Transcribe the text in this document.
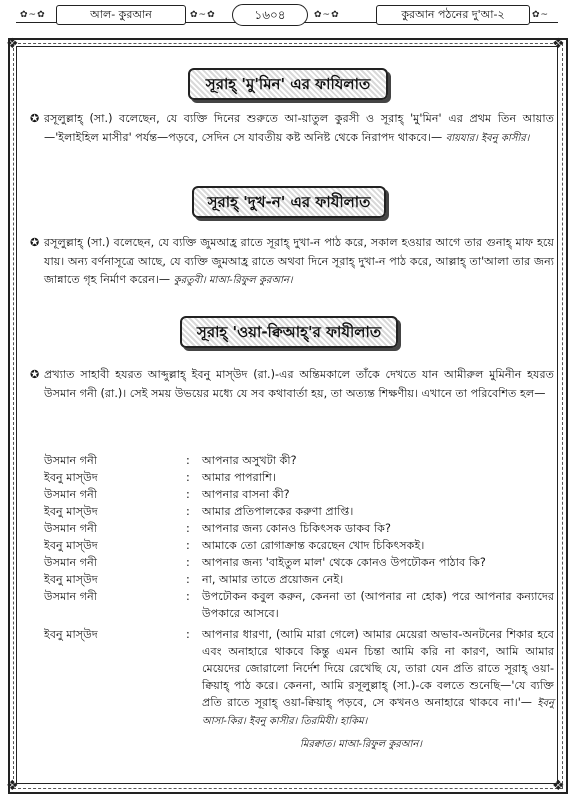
আল- কুরআন	১৬০৪	কুরআন পঠনের দু'আ-২
✿~✿	✿~✿	✿~✿	✿~
❖	❖
❖	❖
সূরাহ্ 'মু'মিন' এর ফাযিলাত
✪ রসূলুল্লাহ্ (সা.) বলেছেন, যে ব্যক্তি দিনের শুরুতে আ-য়াতুল কুরসী ও সূরাহ্ 'মু'মিন' এর প্রথম তিন আয়াত—'ইলাইহিল মাসীর' পর্যন্ত—পড়বে, সেদিন সে যাবতীয় কষ্ট অনিষ্ট থেকে নিরাপদ থাকবে।— বায়যার। ইবনু কাসীর।
সূরাহ্ 'দুখ-ন' এর ফাযীলাত
✪ রসূলুল্লাহ্ (সা.) বলেছেন, যে ব্যক্তি জুমআহ্র রাতে সূরাহ্ দুখা-ন পাঠ করে, সকাল হওয়ার আগে তার গুনাহ্ মাফ হয়ে যায়। অন্য বর্ণনাসূত্রে আছে, যে ব্যক্তি জুমআহ্র রাতে অথবা দিনে সূরাহ্ দুখা-ন পাঠ করে, আল্লাহ্ তা'আলা তার জন্য জান্নাতে গৃহ নির্মাণ করেন।— কুরতুবী। মাআ-রিফুল কুরআন।
সূরাহ্ 'ওয়া-ক্বিআহ্'র ফাযীলাত
✪ প্রখ্যাত সাহাবী হযরত আব্দুল্লাহ্ ইবনু মাস্উদ (রা.)-এর অন্তিমকালে তাঁকে দেখতে যান আমীরুল মুমিনীন হযরত উসমান গনী (রা.)। সেই সময় উভয়ের মধ্যে যে সব কথাবার্তা হয়, তা অত্যন্ত শিক্ষণীয়। এখানে তা পরিবেশিত হল—
উসমান গনী	: আপনার অসুখটা কী?
ইবনু মাস্উদ	: আমার পাপরাশি।
উসমান গনী	: আপনার বাসনা কী?
ইবনু মাস্উদ	: আমার প্রতিপালকের করুণা প্রাপ্তি।
উসমান গনী	: আপনার জন্য কোনও চিকিৎসক ডাকব কি?
ইবনু মাস্উদ	: আমাকে তো রোগাক্রান্ত করেছেন খোদ চিকিৎসকই।
উসমান গনী	: আপনার জন্য 'বাইতুল মাল' থেকে কোনও উপঢৌকন পাঠাব কি?
ইবনু মাস্উদ	: না, আমার তাতে প্রয়োজন নেই।
উসমান গনী	: উপঢৌকন কবুল করুন, কেননা তা (আপনার না হোক) পরে আপনার কন্যাদের উপকারে আসবে।
ইবনু মাস্উদ	: আপনার ধারণা, (আমি মারা গেলে) আমার মেয়েরা অভাব-অনটনের শিকার হবে এবং অনাহারে থাকবে কিন্তু এমন চিন্তা আমি করি না কারণ, আমি আমার মেয়েদের জোরালো নির্দেশ দিয়ে রেখেছি যে, তারা যেন প্রতি রাতে সূরাহ্ ওয়া-ক্বিয়াহ্ পাঠ করে। কেননা, আমি রসূলুল্লাহ্ (সা.)-কে বলতে শুনেছি—'যে ব্যক্তি প্রতি রাতে সূরাহ্ ওয়া-ক্বিয়াহ্ পড়বে, সে কখনও অনাহারে থাকবে না।'— ইবনু আসা-কির। ইবনু কাসীর। তিরমিযী। হাকিম।
মিরক্বাত। মাআ-রিফুল কুরআন।
